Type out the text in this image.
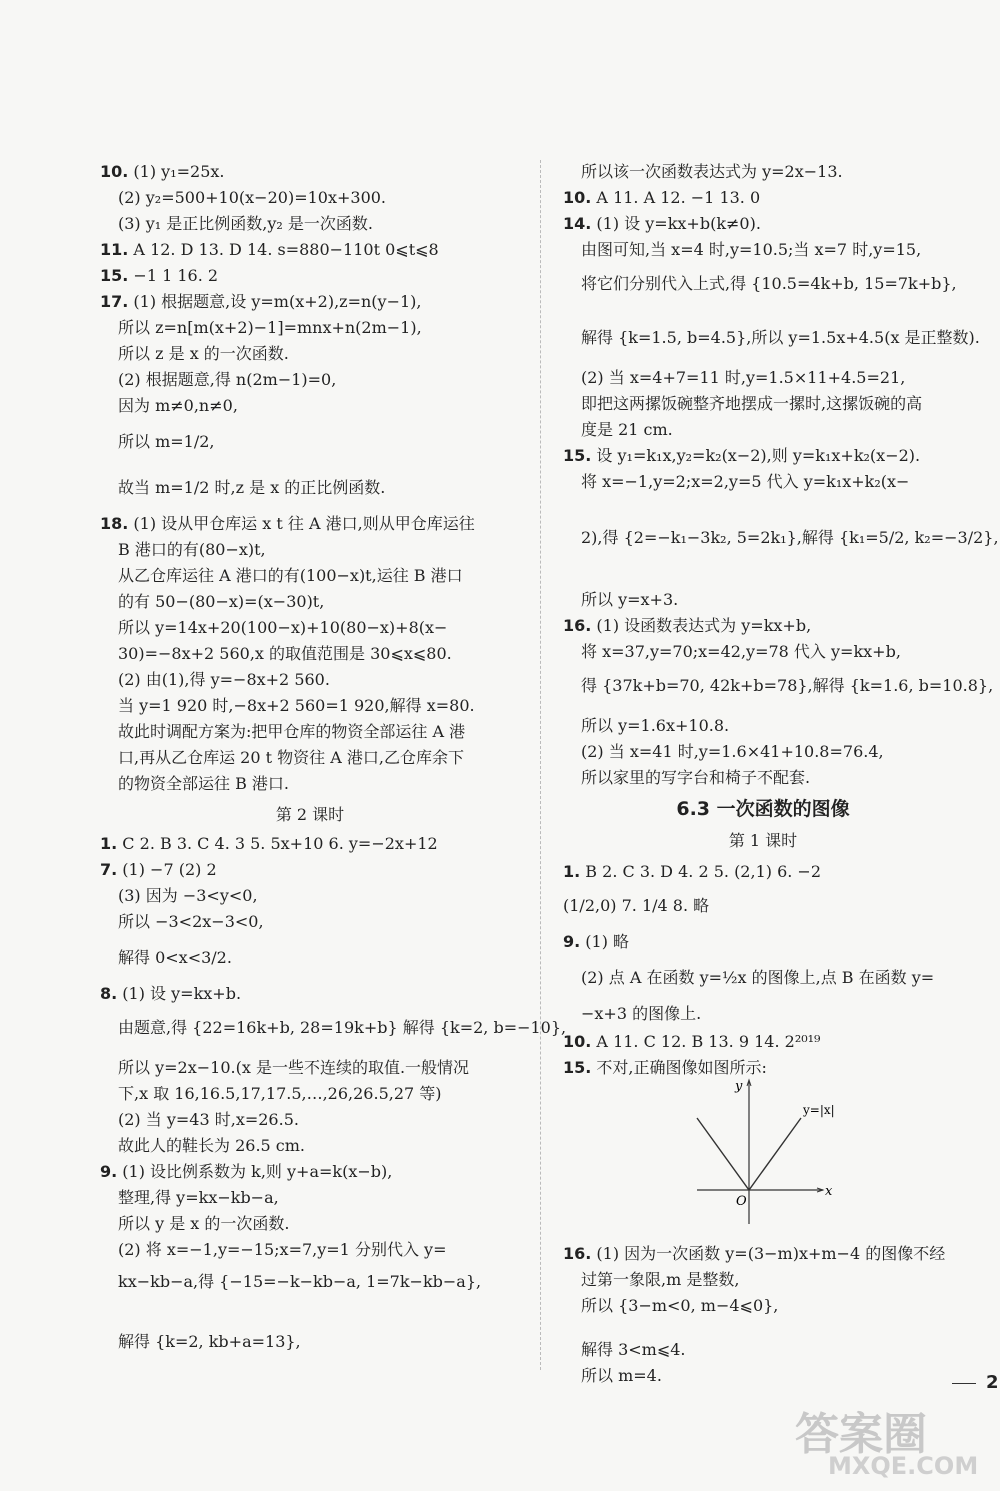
第 2 课时
10. (1) y₁=25x.
(2) y₂=500+10(x−20)=10x+300.
(3) y₁ 是正比例函数,y₂ 是一次函数.
11. A 12. D 13. D 14. s=880−110t 0⩽t⩽8
15. −1 1 16. 2
17. (1) 根据题意,设 y=m(x+2),z=n(y−1),
所以 z=n[m(x+2)−1]=mnx+n(2m−1),
所以 z 是 x 的一次函数.
(2) 根据题意,得 n(2m−1)=0,
因为 m≠0,n≠0,
所以 m=1/2,
故当 m=1/2 时,z 是 x 的正比例函数.
18. (1) 设从甲仓库运 x t 往 A 港口,则从甲仓库运往
B 港口的有(80−x)t,
从乙仓库运往 A 港口的有(100−x)t,运往 B 港口
的有 50−(80−x)=(x−30)t,
所以 y=14x+20(100−x)+10(80−x)+8(x−
30)=−8x+2 560,x 的取值范围是 30⩽x⩽80.
(2) 由(1),得 y=−8x+2 560.
当 y=1 920 时,−8x+2 560=1 920,解得 x=80.
故此时调配方案为:把甲仓库的物资全部运往 A 港
口,再从乙仓库运 20 t 物资往 A 港口,乙仓库余下
的物资全部运往 B 港口.
1. C 2. B 3. C 4. 3 5. 5x+10 6. y=−2x+12
7. (1) −7 (2) 2
(3) 因为 −3<y<0,
所以 −3<2x−3<0,
解得 0<x<3/2.
8. (1) 设 y=kx+b.
由题意,得 {22=16k+b, 28=19k+b} 解得 {k=2, b=−10},
所以 y=2x−10.(x 是一些不连续的取值.一般情况
下,x 取 16,16.5,17,17.5,…,26,26.5,27 等)
(2) 当 y=43 时,x=26.5.
故此人的鞋长为 26.5 cm.
9. (1) 设比例系数为 k,则 y+a=k(x−b),
整理,得 y=kx−kb−a,
所以 y 是 x 的一次函数.
(2) 将 x=−1,y=−15;x=7,y=1 分别代入 y=
kx−kb−a,得 {−15=−k−kb−a, 1=7k−kb−a},
解得 {k=2, kb+a=13},
6.3 一次函数的图像
第 1 课时
y
x
O
y=|x|
所以该一次函数表达式为 y=2x−13.
10. A 11. A 12. −1 13. 0
14. (1) 设 y=kx+b(k≠0).
由图可知,当 x=4 时,y=10.5;当 x=7 时,y=15,
将它们分别代入上式,得 {10.5=4k+b, 15=7k+b},
解得 {k=1.5, b=4.5},所以 y=1.5x+4.5(x 是正整数).
(2) 当 x=4+7=11 时,y=1.5×11+4.5=21,
即把这两摞饭碗整齐地摆成一摞时,这摞饭碗的高
度是 21 cm.
15. 设 y₁=k₁x,y₂=k₂(x−2),则 y=k₁x+k₂(x−2).
将 x=−1,y=2;x=2,y=5 代入 y=k₁x+k₂(x−
2),得 {2=−k₁−3k₂, 5=2k₁},解得 {k₁=5/2, k₂=−3/2},
所以 y=x+3.
16. (1) 设函数表达式为 y=kx+b,
将 x=37,y=70;x=42,y=78 代入 y=kx+b,
得 {37k+b=70, 42k+b=78},解得 {k=1.6, b=10.8},
所以 y=1.6x+10.8.
(2) 当 x=41 时,y=1.6×41+10.8=76.4,
所以家里的写字台和椅子不配套.
1. B 2. C 3. D 4. 2 5. (2,1) 6. −2
(1/2,0) 7. 1/4 8. 略
9. (1) 略
(2) 点 A 在函数 y=½x 的图像上,点 B 在函数 y=
−x+3 的图像上.
10. A 11. C 12. B 13. 9 14. 2²⁰¹⁹
15. 不对,正确图像如图所示:
16. (1) 因为一次函数 y=(3−m)x+m−4 的图像不经
过第一象限,m 是整数,
所以 {3−m<0, m−4⩽0},
解得 3<m⩽4.
所以 m=4.	2
答案圈
MXQE.COM
